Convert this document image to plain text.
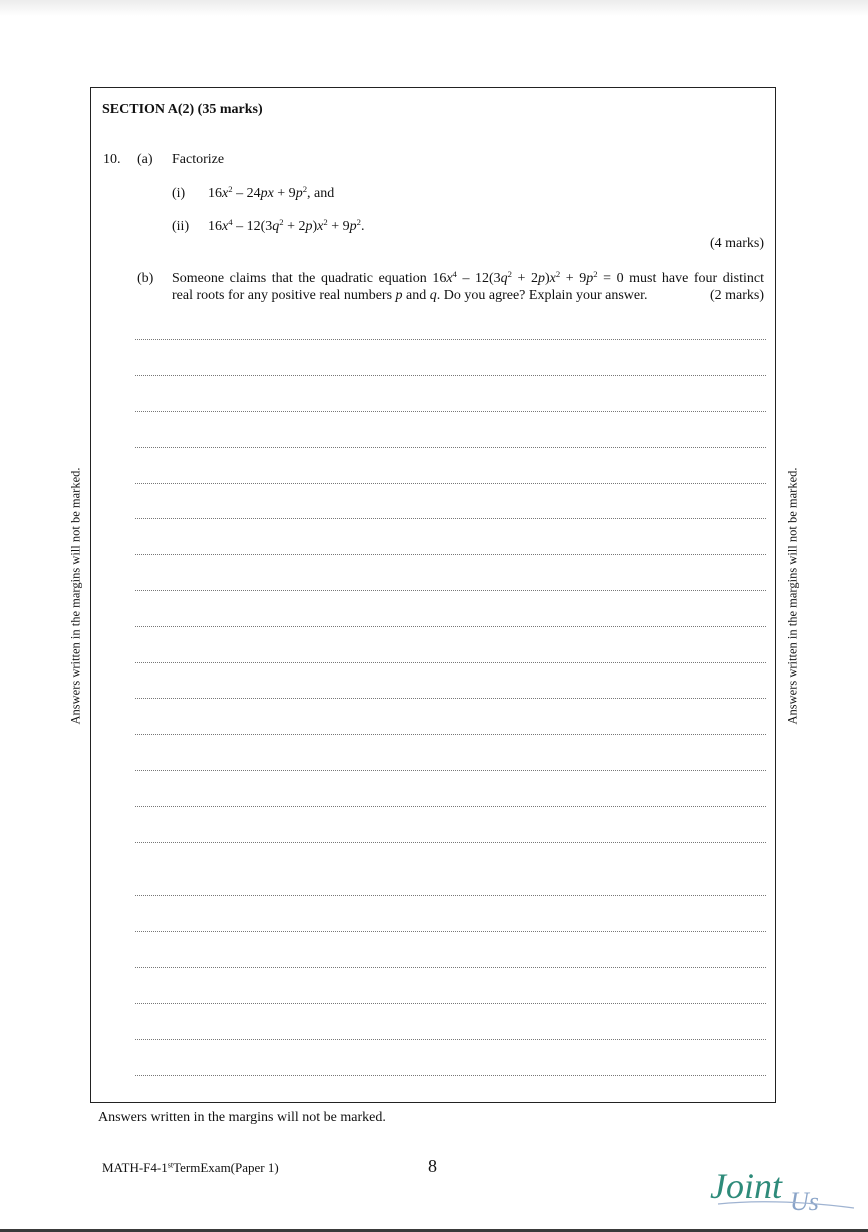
SECTION A(2) (35 marks)
10. (a) Factorize
(i) $16x^2 - 24px + 9p^2$, and
(ii) $16x^4 - 12(3q^2 + 2p)x^2 + 9p^2$.
(4 marks)
(b) Someone claims that the quadratic equation $16x^4 - 12(3q^2 + 2p)x^2 + 9p^2 = 0$ must have four distinct
real roots for any positive real numbers p and q. Do you agree? Explain your answer.	(2 marks)
Answers written in the margins will not be marked.	Answers written in the margins will not be marked.
Answers written in the margins will not be marked.
MATH-F4-1stTermExam(Paper 1)	8	Joint Us
